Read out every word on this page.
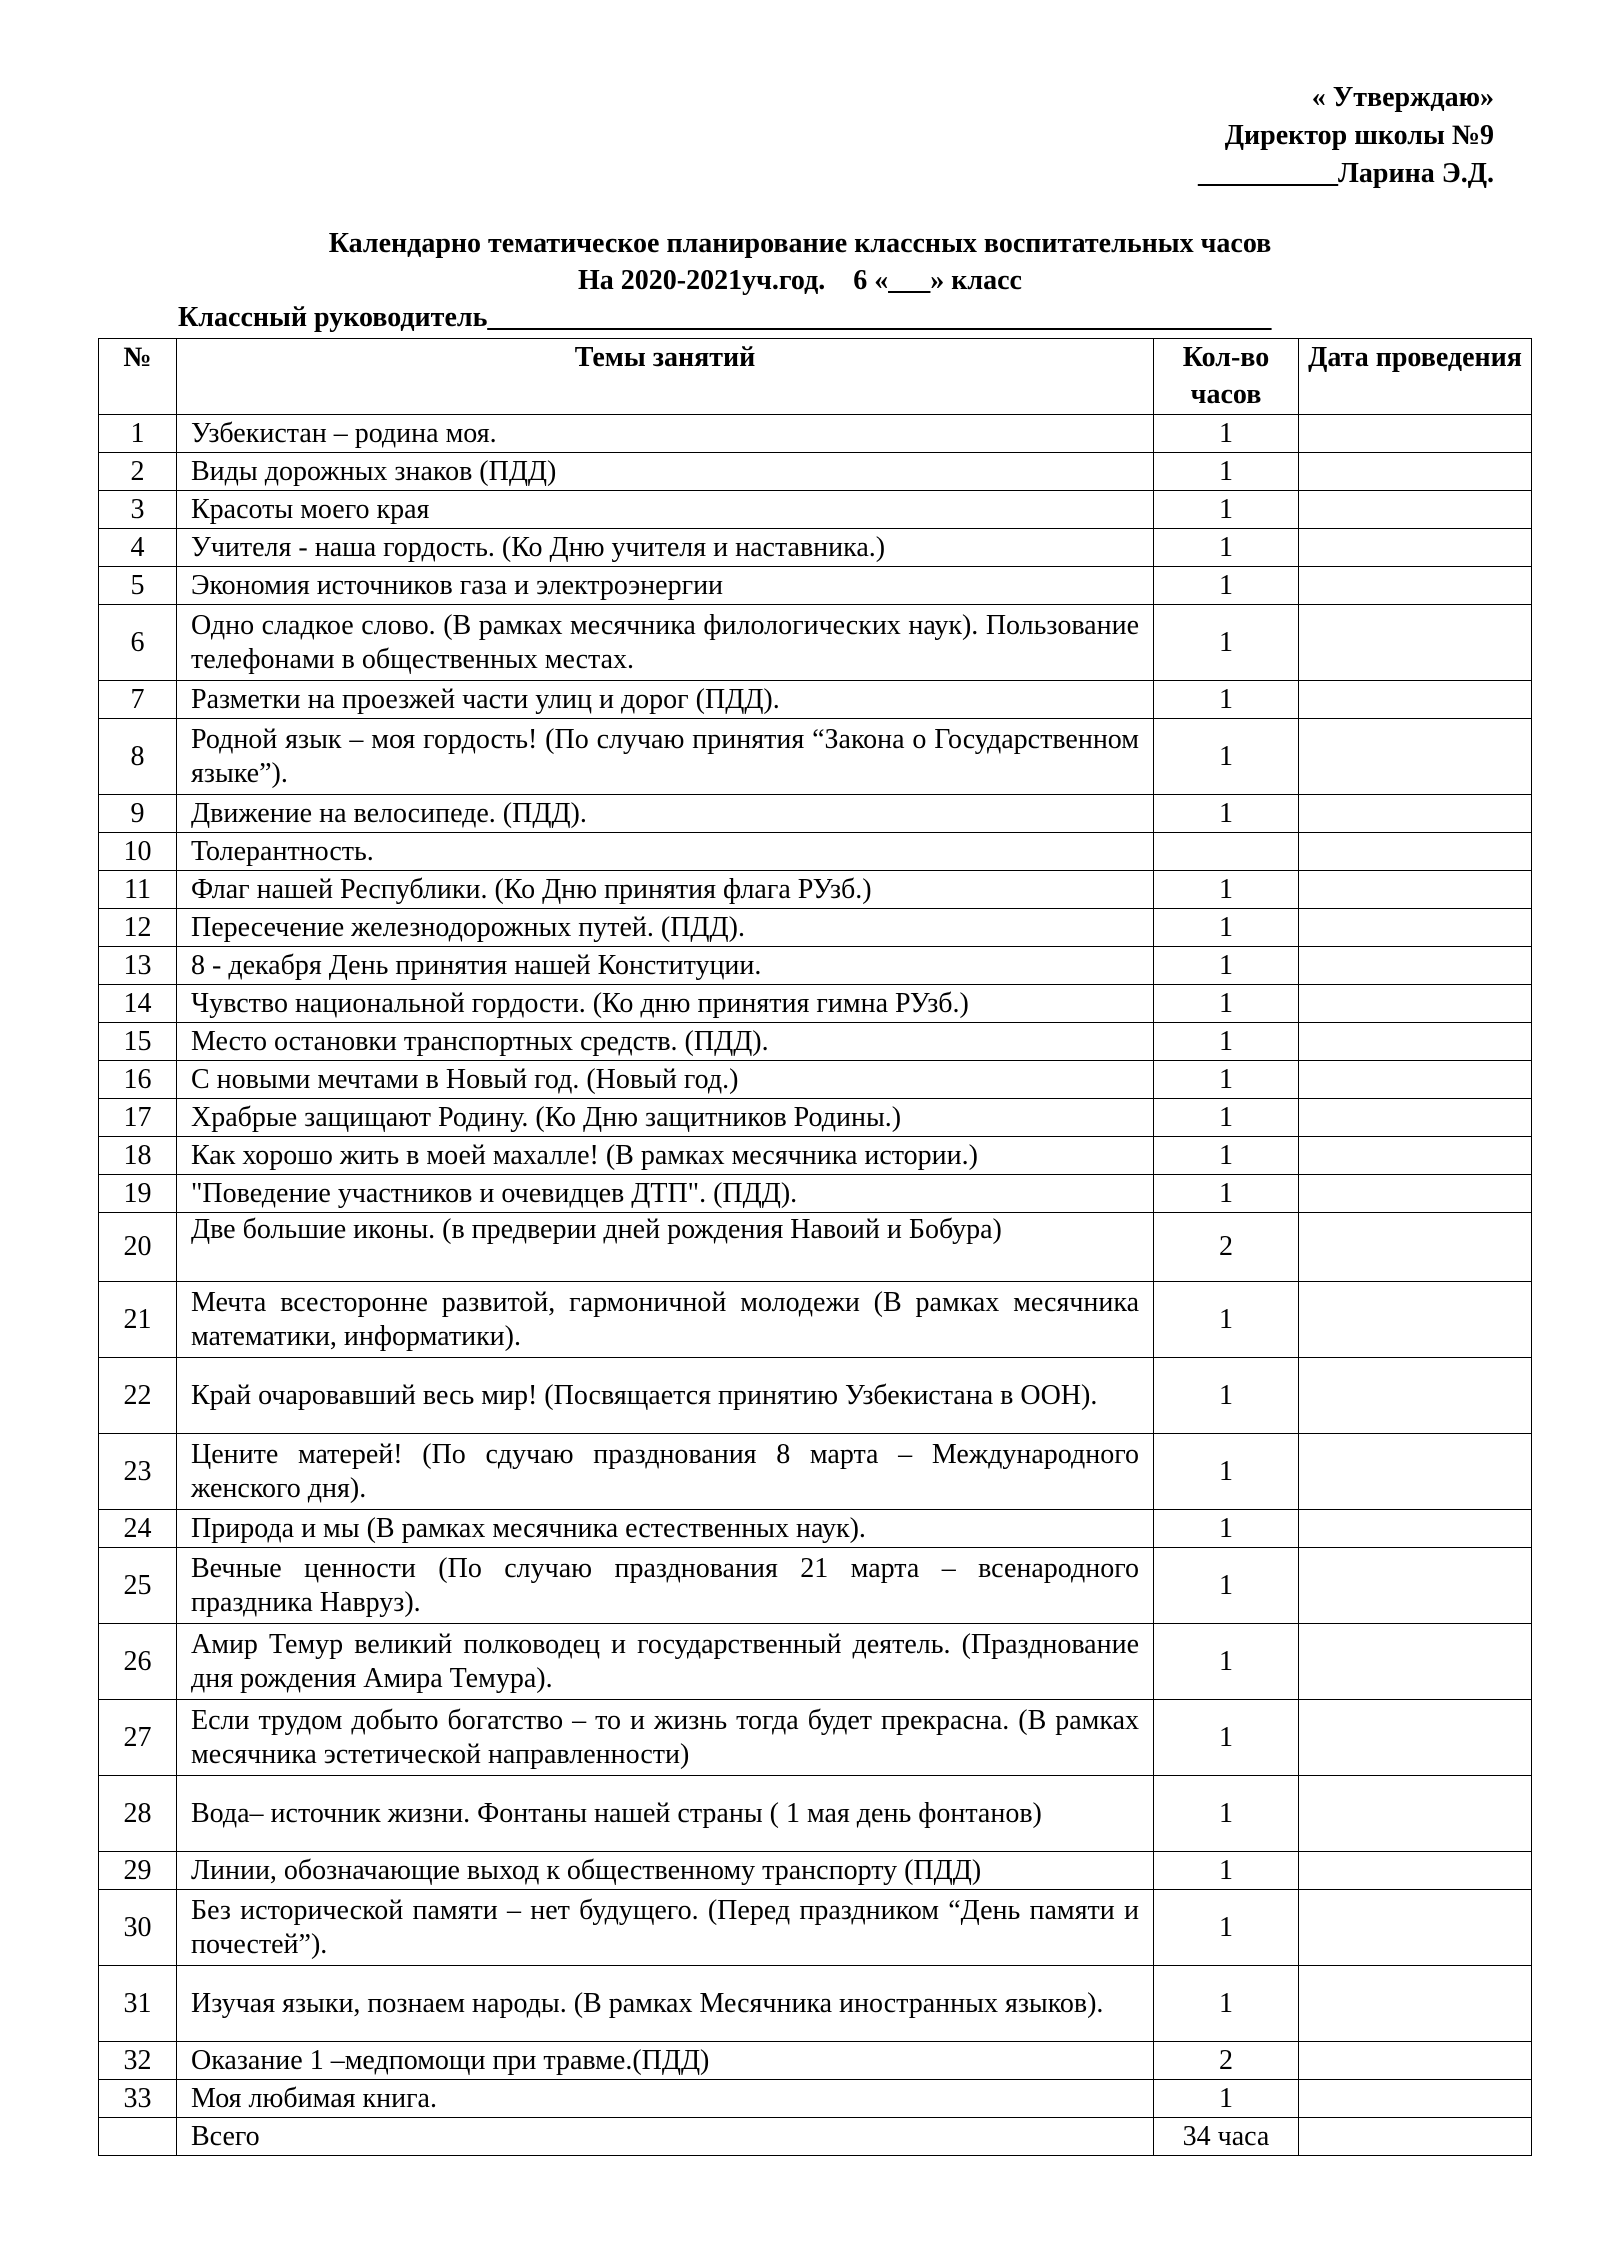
« Утверждаю»
Директор школы №9
__________Ларина Э.Д.
Календарно тематическое планирование классных воспитательных часов
На 2020-2021уч.год.    6 «___» класс
Классный руководитель________________________________________________________
№	Темы занятий	Кол-во часов	Дата проведения
1	Узбекистан – родина моя.	1	
2	Виды дорожных знаков (ПДД)	1	
3	Красоты моего края	1	
4	Учителя - наша гордость. (Ко Дню учителя и наставника.)	1	
5	Экономия источников газа и электроэнергии	1	
6	Одно сладкое слово. (В рамках месячника филологических наук). Пользование телефонами в общественных местах.	1	
7	Разметки на проезжей части улиц и дорог (ПДД).	1	
8	Родной язык – моя гордость! (По случаю принятия “Закона о Государственном языке”).	1	
9	Движение на велосипеде. (ПДД).	1	
10	Толерантность.		
11	Флаг нашей Республики. (Ко Дню принятия флага РУзб.)	1	
12	Пересечение железнодорожных путей. (ПДД).	1	
13	8 - декабря День принятия нашей Конституции.	1	
14	Чувство национальной гордости. (Ко дню принятия гимна РУзб.)	1	
15	Место остановки транспортных средств. (ПДД).	1	
16	С новыми мечтами в Новый год. (Новый год.)	1	
17	Храбрые защищают Родину. (Ко Дню защитников Родины.)	1	
18	Как хорошо жить в моей махалле! (В рамках месячника истории.)	1	
19	"Поведение участников и очевидцев ДТП". (ПДД).	1	
20	Две большие иконы. (в предверии дней рождения Навоий и Бобура)	2	
21	Мечта всесторонне развитой, гармоничной молодежи (В рамках месячника математики, информатики).	1	
22	Край очаровавший весь мир! (Посвящается принятию Узбекистана в ООН).	1	
23	Цените матерей! (По сдучаю празднования 8 марта – Международного женского дня).	1	
24	Природа и мы (В рамках месячника естественных наук).	1	
25	Вечные ценности (По случаю празднования 21 марта – всенародного праздника Навруз).	1	
26	Амир Темур великий полководец и государственный деятель. (Празднование дня рождения Амира Темура).	1	
27	Если трудом добыто богатство – то и жизнь тогда будет прекрасна. (В рамках месячника эстетической направленности)	1	
28	Вода– источник жизни. Фонтаны нашей страны ( 1 мая день фонтанов)	1	
29	Линии, обозначающие выход к общественному транспорту (ПДД)	1	
30	Без исторической памяти – нет будущего. (Перед праздником “День памяти и почестей”).	1	
31	Изучая языки, познаем народы. (В рамках Месячника иностранных языков).	1	
32	Оказание 1 –медпомощи при травме.(ПДД)	2	
33	Моя любимая книга.	1	
	Всего	34 часа	
